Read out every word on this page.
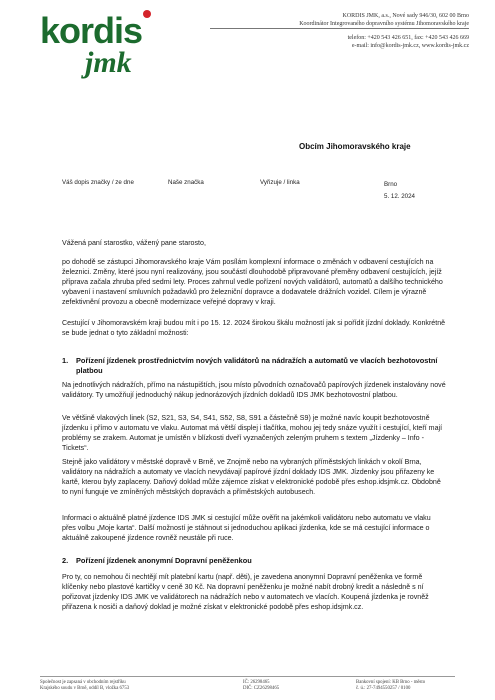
kordis
jmk
KORDIS JMK, a.s., Nové sady 946/30, 602 00 Brno
Koordinátor Integrovaného dopravního systému Jihomoravského kraje
telefon: +420 543 426 651, fax: +420 543 426 669
e-mail: info@kordis-jmk.cz, www.kordis-jmk.cz
Obcím Jihomoravského kraje
Váš dopis značky / ze dne	Naše značka	Vyřizuje / linka	Brno
5. 12. 2024
Vážená paní starostko, vážený pane starosto,
po dohodě se zástupci Jihomoravského kraje Vám posílám komplexní informace o změnách v odbavení cestujících na železnici. Změny, které jsou nyní realizovány, jsou součástí dlouhodobě připravované přeměny odbavení cestujících, jejíž příprava začala zhruba před sedmi lety. Proces zahrnul vedle pořízení nových validátorů, automatů a dalšího technického vybavení i nastavení smluvních požadavků pro železniční dopravce a dodavatele drážních vozidel. Cílem je výrazně zefektivnění provozu a obecně modernizace veřejné dopravy v kraji.
Cestující v Jihomoravském kraji budou mít i po 15. 12. 2024 širokou škálu možností jak si pořídit jízdní doklady. Konkrétně se bude jednat o tyto základní možnosti:
1.	Pořízení jízdenek prostřednictvím nových validátorů na nádražích a automatů ve vlacích bezhotovostní platbou
Na jednotlivých nádražích, přímo na nástupištích, jsou místo původních označovačů papírových jízdenek instalovány nové validátory. Ty umožňují jednoduchý nákup jednorázových jízdních dokladů IDS JMK bezhotovostní platbou.
Ve většině vlakových linek (S2, S21, S3, S4, S41, S52, S8, S91 a částečně S9) je možné navíc koupit bezhotovostně jízdenku i přímo v automatu ve vlaku. Automat má větší displej i tlačítka, mohou jej tedy snáze využít i cestující, kteří mají problémy se zrakem. Automat je umístěn v blízkosti dveří vyznačených zeleným pruhem s textem „Jízdenky – Info - Tickets“.
Stejně jako validátory v městské dopravě v Brně, ve Znojmě nebo na vybraných příměstských linkách v okolí Brna, validátory na nádražích a automaty ve vlacích nevydávají papírové jízdní doklady IDS JMK. Jízdenky jsou přiřazeny ke kartě, kterou byly zaplaceny. Daňový doklad může zájemce získat v elektronické podobě přes eshop.idsjmk.cz. Obdobně to nyní funguje ve zmíněných městských dopravách a příměstských autobusech.
Informaci o aktuálně platné jízdence IDS JMK si cestující může ověřit na jakémkoli validátoru nebo automatu ve vlaku přes volbu „Moje karta“. Další možností je stáhnout si jednoduchou aplikaci jízdenka, kde se má cestující informace o aktuálně zakoupené jízdence rovněž neustále při ruce.
2.	Pořízení jízdenek anonymní Dopravní peněženkou
Pro ty, co nemohou či nechtějí mít platební kartu (např. děti), je zavedena anonymní Dopravní peněženka ve formě klíčenky nebo plastové kartičky v ceně 30 Kč. Na dopravní peněženku je možné nabít drobný kredit a následně s ní pořizovat jízdenky IDS JMK ve validátorech na nádražích nebo v automatech ve vlacích. Koupená jízdenka je rovněž přiřazena k nosiči a daňový doklad je možné získat v elektronické podobě přes eshop.idsjmk.cz.
Společnost je zapsaná v obchodním rejstříku
Krajského soudu v Brně, oddíl B, vložka 6753
IČ: 26298465
DIČ: CZ26298465
Bankovní spojení: KB Brno - město
č. ú.: 27-7494550257 / 0100
